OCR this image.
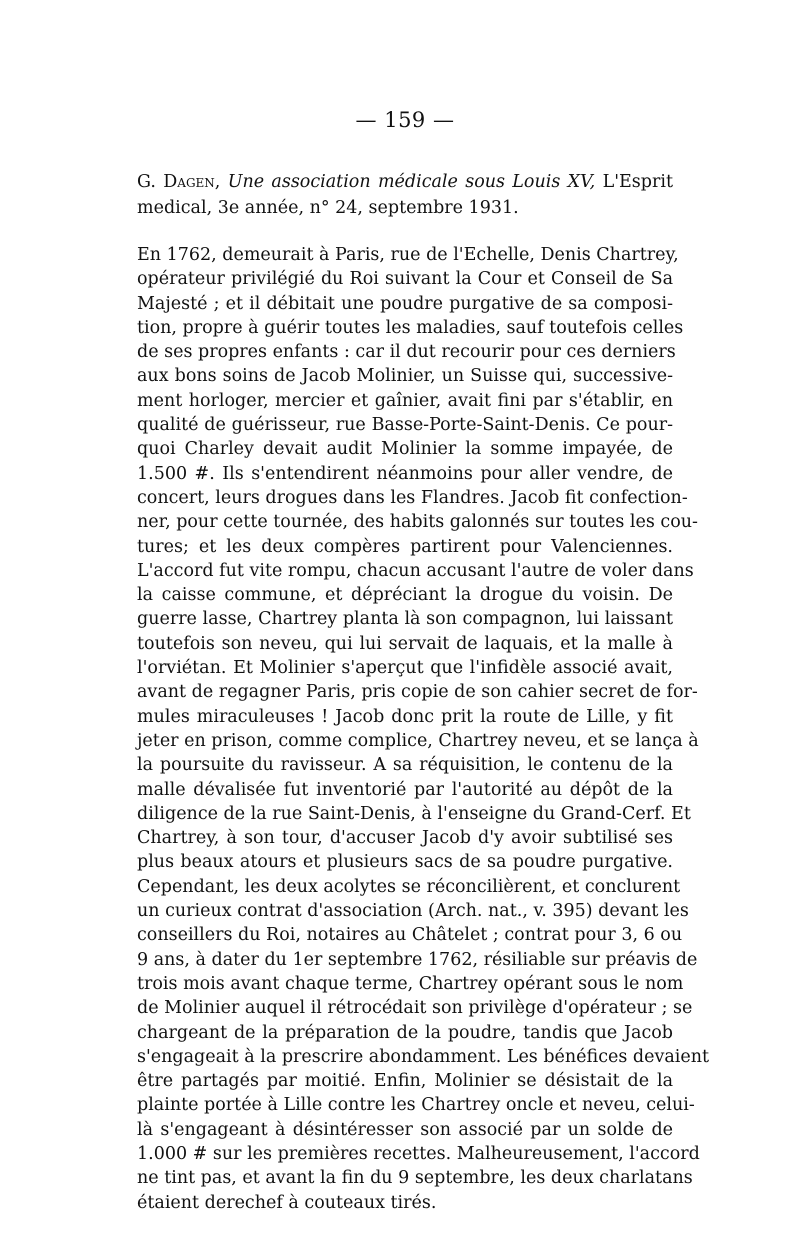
— 159 —
G. Dagen, Une association médicale sous Louis XV, L'Esprit medical, 3e année, n° 24, septembre 1931.
En 1762, demeurait à Paris, rue de l'Echelle, Denis Chartrey,
opérateur privilégié du Roi suivant la Cour et Conseil de Sa
Majesté ; et il débitait une poudre purgative de sa composi-
tion, propre à guérir toutes les maladies, sauf toutefois celles
de ses propres enfants : car il dut recourir pour ces derniers
aux bons soins de Jacob Molinier, un Suisse qui, successive-
ment horloger, mercier et gaînier, avait fini par s'établir, en
qualité de guérisseur, rue Basse-Porte-Saint-Denis. Ce pour-
quoi Charley devait audit Molinier la somme impayée, de
1.500 #. Ils s'entendirent néanmoins pour aller vendre, de
concert, leurs drogues dans les Flandres. Jacob fit confection-
ner, pour cette tournée, des habits galonnés sur toutes les cou-
tures; et les deux compères partirent pour Valenciennes.
L'accord fut vite rompu, chacun accusant l'autre de voler dans
la caisse commune, et dépréciant la drogue du voisin. De
guerre lasse, Chartrey planta là son compagnon, lui laissant
toutefois son neveu, qui lui servait de laquais, et la malle à
l'orviétan. Et Molinier s'aperçut que l'infidèle associé avait,
avant de regagner Paris, pris copie de son cahier secret de for-
mules miraculeuses ! Jacob donc prit la route de Lille, y fit
jeter en prison, comme complice, Chartrey neveu, et se lança à
la poursuite du ravisseur. A sa réquisition, le contenu de la
malle dévalisée fut inventorié par l'autorité au dépôt de la
diligence de la rue Saint-Denis, à l'enseigne du Grand-Cerf. Et
Chartrey, à son tour, d'accuser Jacob d'y avoir subtilisé ses
plus beaux atours et plusieurs sacs de sa poudre purgative.
Cependant, les deux acolytes se réconcilièrent, et conclurent
un curieux contrat d'association (Arch. nat., v. 395) devant les
conseillers du Roi, notaires au Châtelet ; contrat pour 3, 6 ou
9 ans, à dater du 1er septembre 1762, résiliable sur préavis de
trois mois avant chaque terme, Chartrey opérant sous le nom
de Molinier auquel il rétrocédait son privilège d'opérateur ; se
chargeant de la préparation de la poudre, tandis que Jacob
s'engageait à la prescrire abondamment. Les bénéfices devaient
être partagés par moitié. Enfin, Molinier se désistait de la
plainte portée à Lille contre les Chartrey oncle et neveu, celui-
là s'engageant à désintéresser son associé par un solde de
1.000 # sur les premières recettes. Malheureusement, l'accord
ne tint pas, et avant la fin du 9 septembre, les deux charlatans
étaient derechef à couteaux tirés.
